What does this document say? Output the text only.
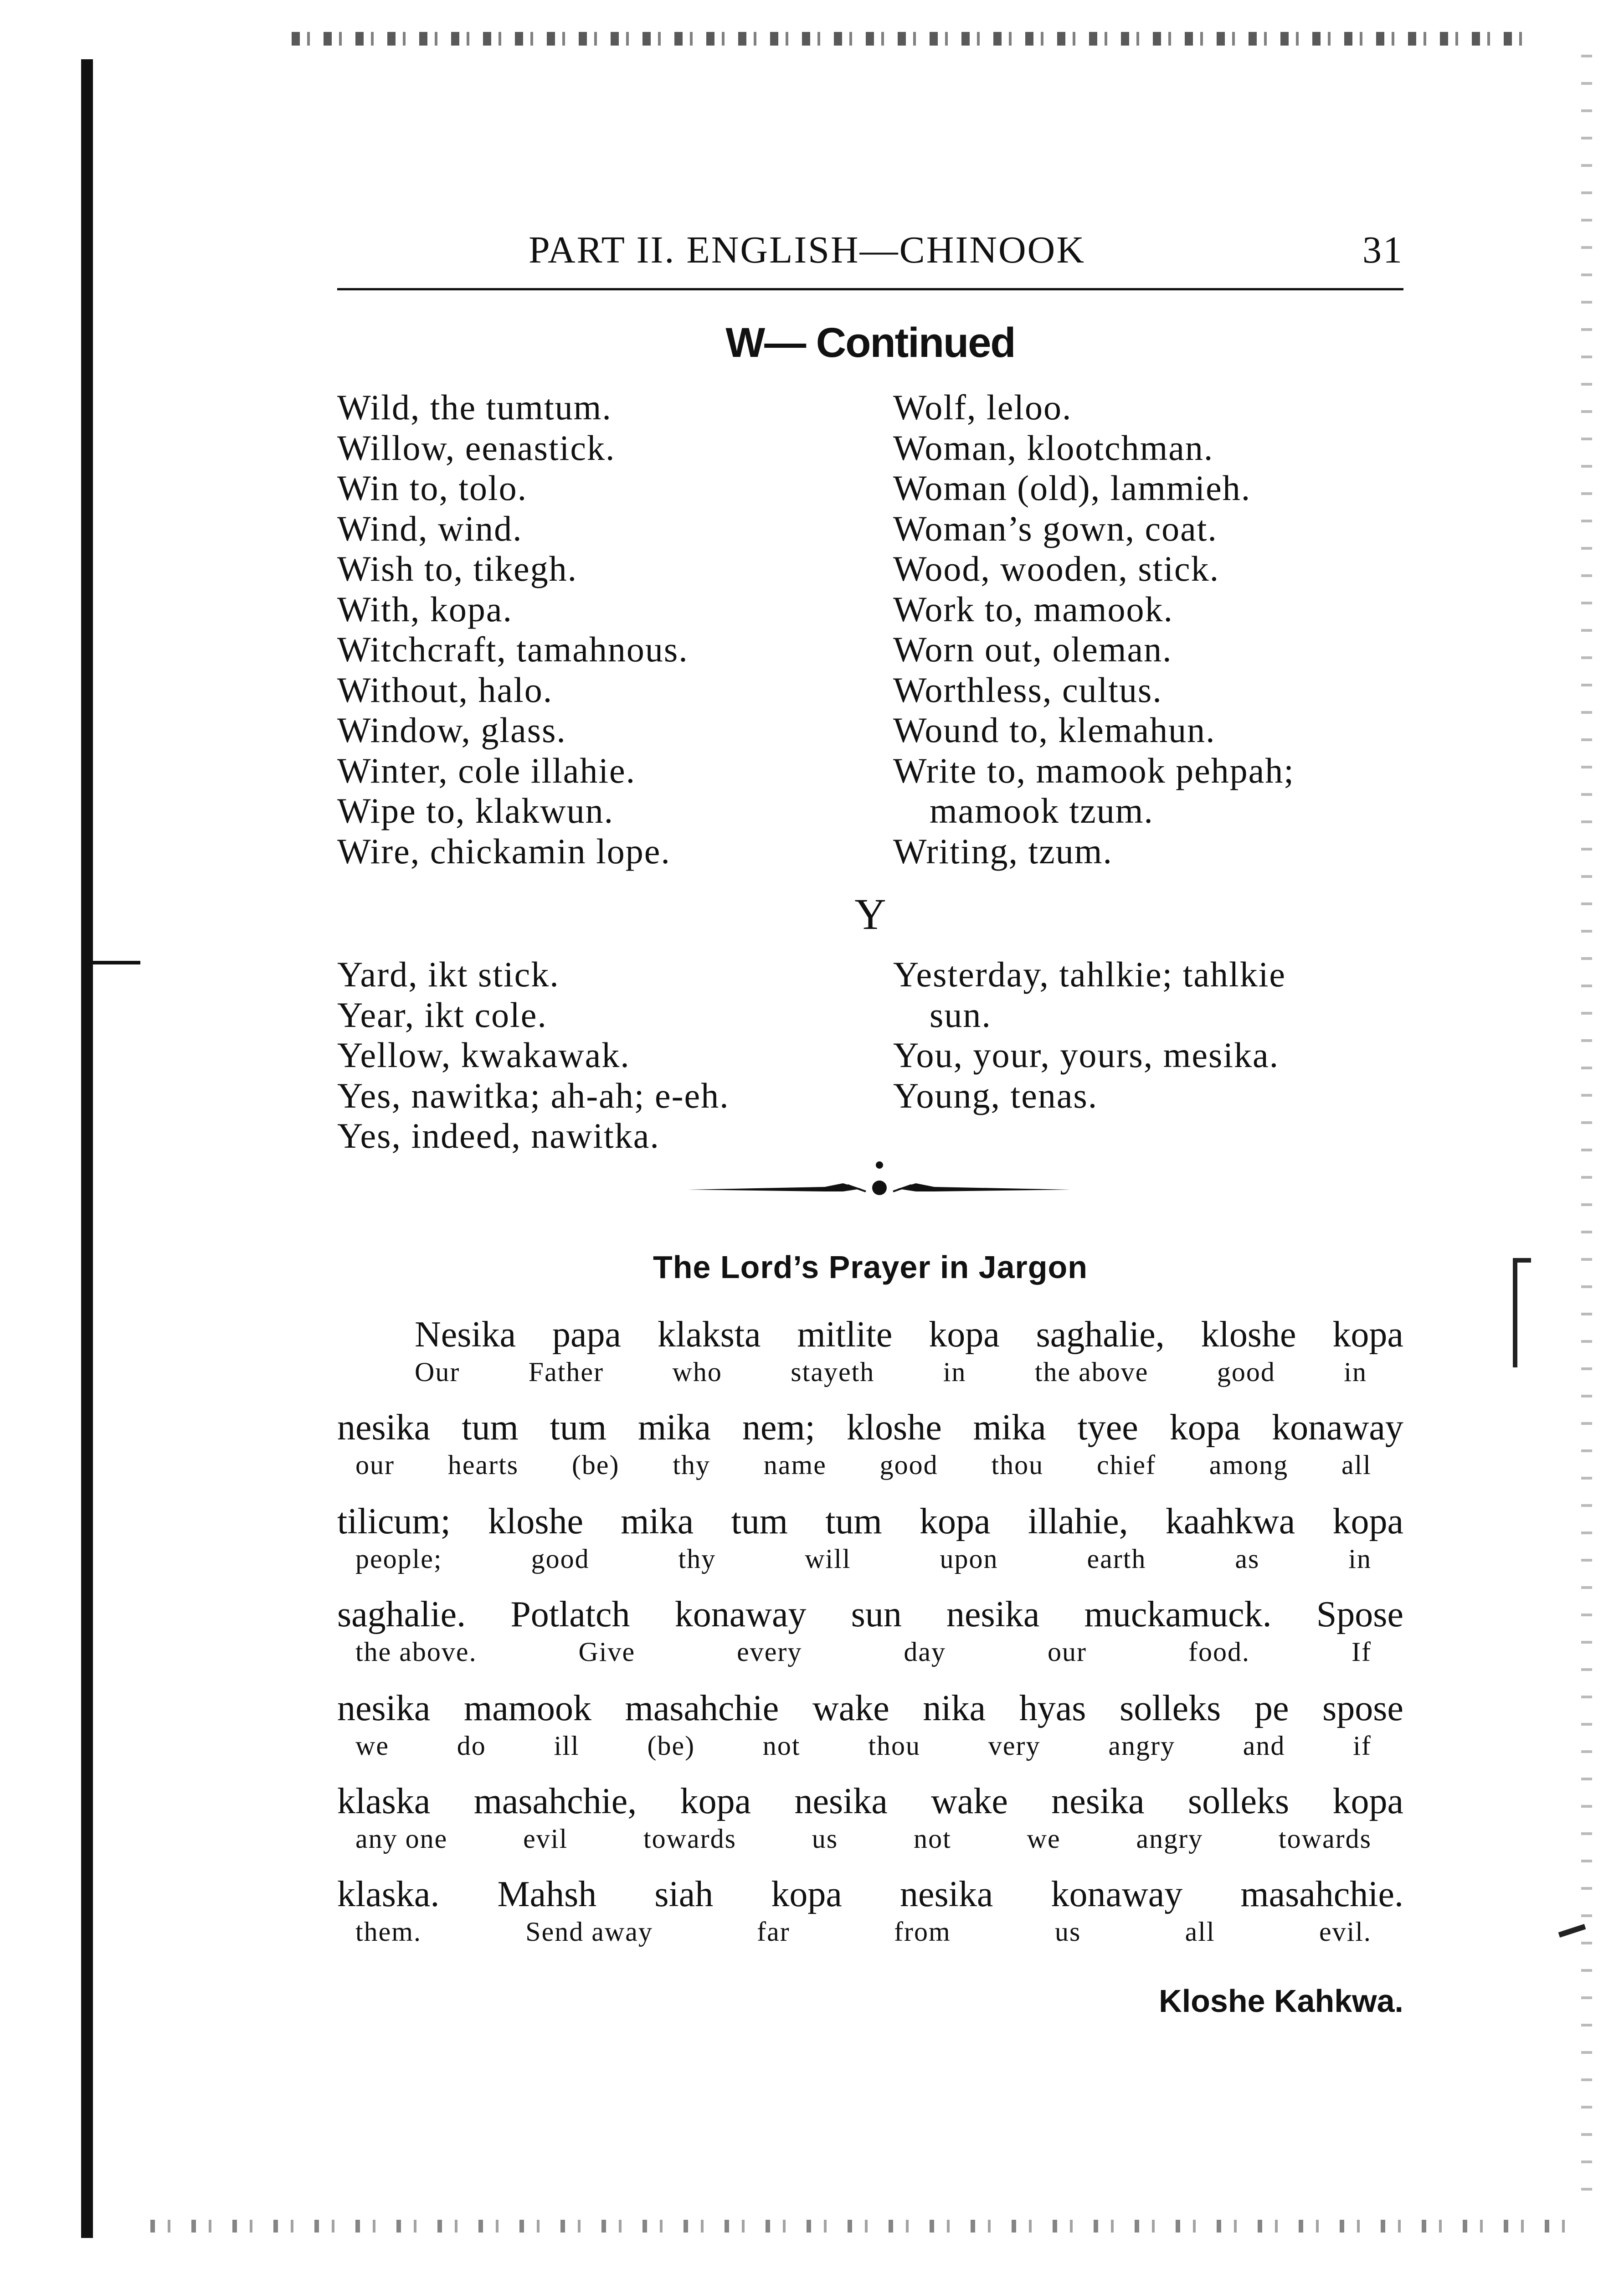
PART II. ENGLISH—CHINOOK	31
W— Continued
Wild, the tumtum.
Willow, eenastick.
Win to, tolo.
Wind, wind.
Wish to, tikegh.
With, kopa.
Witchcraft, tamahnous.
Without, halo.
Window, glass.
Winter, cole illahie.
Wipe to, klakwun.
Wire, chickamin lope.
Wolf, leloo.
Woman, klootchman.
Woman (old), lammieh.
Woman’s gown, coat.
Wood, wooden, stick.
Work to, mamook.
Worn out, oleman.
Worthless, cultus.
Wound to, klemahun.
Write to, mamook pehpah;
mamook tzum.
Writing, tzum.
Y
Yard, ikt stick.
Year, ikt cole.
Yellow, kwakawak.
Yes, nawitka; ah-ah; e-eh.
Yes, indeed, nawitka.
Yesterday, tahlkie; tahlkie
sun.
You, your, yours, mesika.
Young, tenas.
The Lord’s Prayer in Jargon
Nesika papa klaksta mitlite kopa saghalie, kloshe kopa
Our	Father	who	stayeth	in	the above	good	in
nesika tum tum mika nem; kloshe mika tyee kopa konaway
our hearts (be) thy name good thou chief among all
tilicum; kloshe mika tum tum kopa illahie, kaahkwa kopa
people;	good	thy	will	upon	earth	as	in
saghalie. Potlatch konaway sun nesika muckamuck. Spose
the above.	Give	every	day	our	food.	If
nesika mamook masahchie wake nika hyas solleks pe spose
we do ill (be) not thou very angry and if
klaska masahchie, kopa nesika wake nesika solleks kopa
any one	evil	towards	us	not	we	angry	towards
klaska. Mahsh siah kopa nesika konaway masahchie.
them.	Send away	far	from	us	all	evil.
Kloshe Kahkwa.
